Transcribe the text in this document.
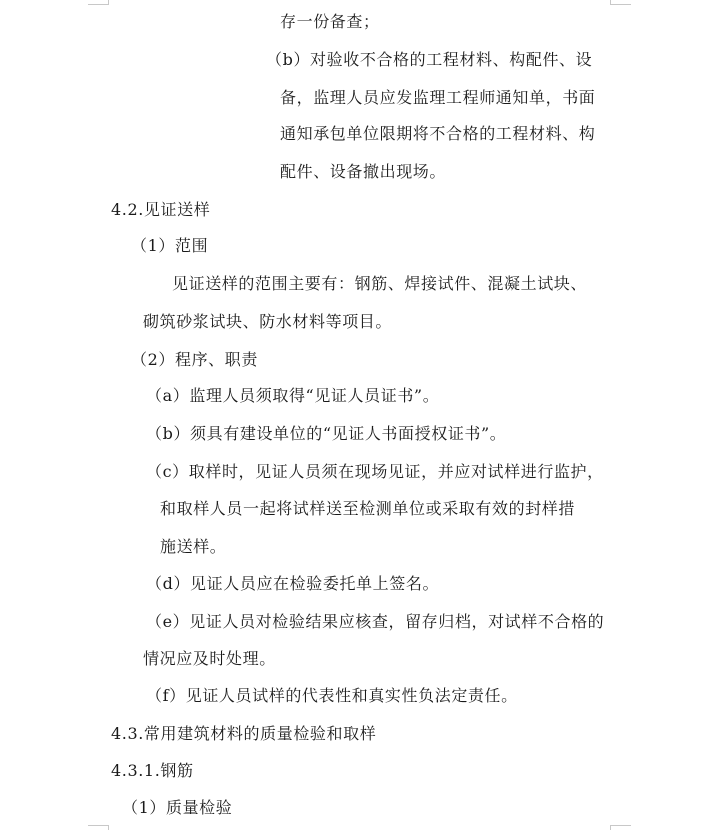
存一份备查；
（b）对验收不合格的工程材料、构配件、设
备，监理人员应发监理工程师通知单，书面
通知承包单位限期将不合格的工程材料、构
配件、设备撤出现场。
4.2.见证送样
（1）范围
见证送样的范围主要有：钢筋、焊接试件、混凝土试块、
砌筑砂浆试块、防水材料等项目。
（2）程序、职责
（a）监理人员须取得“见证人员证书”。
（b）须具有建设单位的“见证人书面授权证书”。
（c）取样时，见证人员须在现场见证，并应对试样进行监护，
和取样人员一起将试样送至检测单位或采取有效的封样措
施送样。
（d）见证人员应在检验委托单上签名。
（e）见证人员对检验结果应核查，留存归档，对试样不合格的
情况应及时处理。
（f）见证人员试样的代表性和真实性负法定责任。
4.3.常用建筑材料的质量检验和取样
4.3.1.钢筋
（1）质量检验
